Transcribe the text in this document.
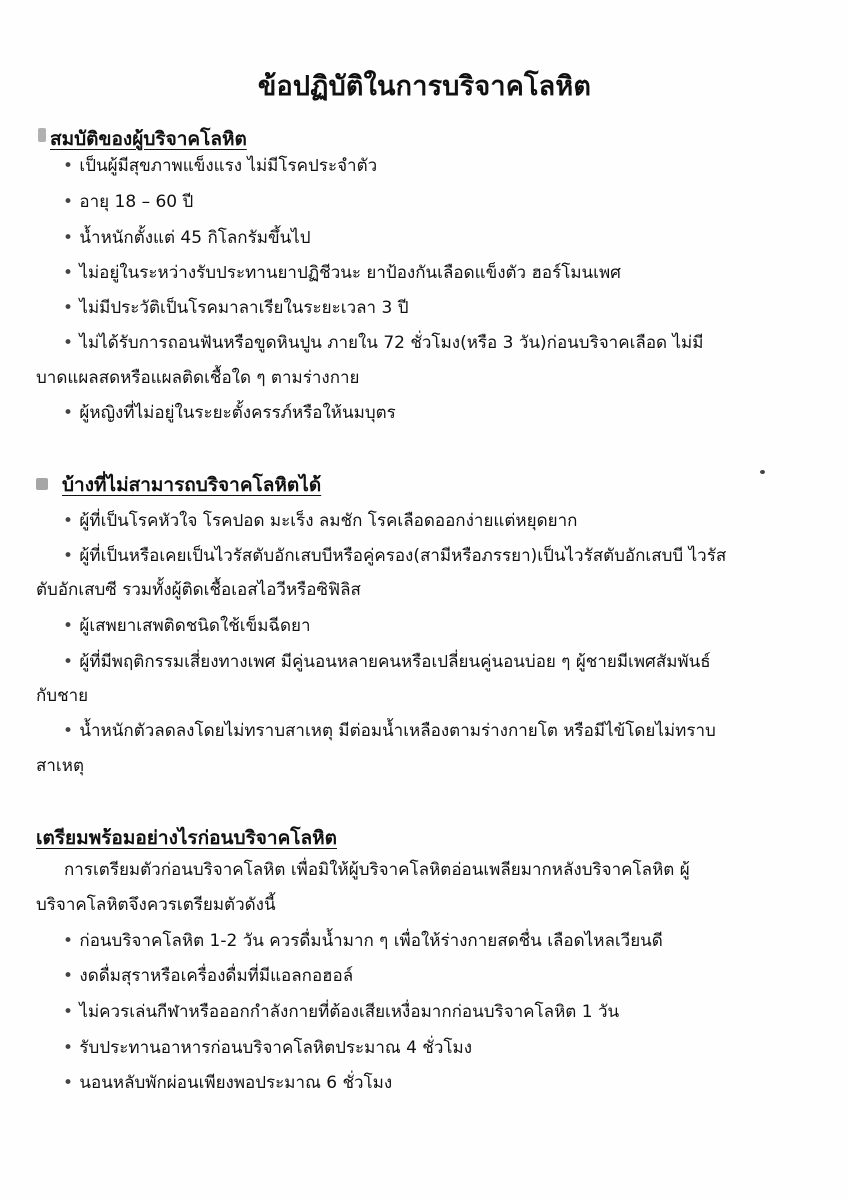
ข้อปฏิบัติในการบริจาคโลหิต
สมบัติของผู้บริจาคโลหิต
• เป็นผู้มีสุขภาพแข็งแรง ไม่มีโรคประจำตัว
• อายุ 18 – 60 ปี
• น้ำหนักตั้งแต่ 45 กิโลกรัมขึ้นไป
• ไม่อยู่ในระหว่างรับประทานยาปฏิชีวนะ ยาป้องกันเลือดแข็งตัว ฮอร์โมนเพศ
• ไม่มีประวัติเป็นโรคมาลาเรียในระยะเวลา 3 ปี
• ไม่ได้รับการถอนฟันหรือขูดหินปูน ภายใน 72 ชั่วโมง(หรือ 3 วัน)ก่อนบริจาคเลือด ไม่มี
บาดแผลสดหรือแผลติดเชื้อใด ๆ ตามร่างกาย
• ผู้หญิงที่ไม่อยู่ในระยะตั้งครรภ์หรือให้นมบุตร
บ้างที่ไม่สามารถบริจาคโลหิตได้
• ผู้ที่เป็นโรคหัวใจ โรคปอด มะเร็ง ลมชัก โรคเลือดออกง่ายแต่หยุดยาก
• ผู้ที่เป็นหรือเคยเป็นไวรัสตับอักเสบบีหรือคู่ครอง(สามีหรือภรรยา)เป็นไวรัสตับอักเสบบี ไวรัส
ตับอักเสบซี รวมทั้งผู้ติดเชื้อเอสไอวีหรือซิฟิลิส
• ผู้เสพยาเสพติดชนิดใช้เข็มฉีดยา
• ผู้ที่มีพฤติกรรมเสี่ยงทางเพศ มีคู่นอนหลายคนหรือเปลี่ยนคู่นอนบ่อย ๆ ผู้ชายมีเพศสัมพันธ์
กับชาย
• น้ำหนักตัวลดลงโดยไม่ทราบสาเหตุ มีต่อมน้ำเหลืองตามร่างกายโต หรือมีไข้โดยไม่ทราบ
สาเหตุ
เตรียมพร้อมอย่างไรก่อนบริจาคโลหิต
การเตรียมตัวก่อนบริจาคโลหิต เพื่อมิให้ผู้บริจาคโลหิตอ่อนเพลียมากหลังบริจาคโลหิต ผู้
บริจาคโลหิตจึงควรเตรียมตัวดังนี้
• ก่อนบริจาคโลหิต 1-2 วัน ควรดื่มน้ำมาก ๆ เพื่อให้ร่างกายสดชื่น เลือดไหลเวียนดี
• งดดื่มสุราหรือเครื่องดื่มที่มีแอลกอฮอล์
• ไม่ควรเล่นกีฬาหรือออกกำลังกายที่ต้องเสียเหงื่อมากก่อนบริจาคโลหิต 1 วัน
• รับประทานอาหารก่อนบริจาคโลหิตประมาณ 4 ชั่วโมง
• นอนหลับพักผ่อนเพียงพอประมาณ 6 ชั่วโมง
